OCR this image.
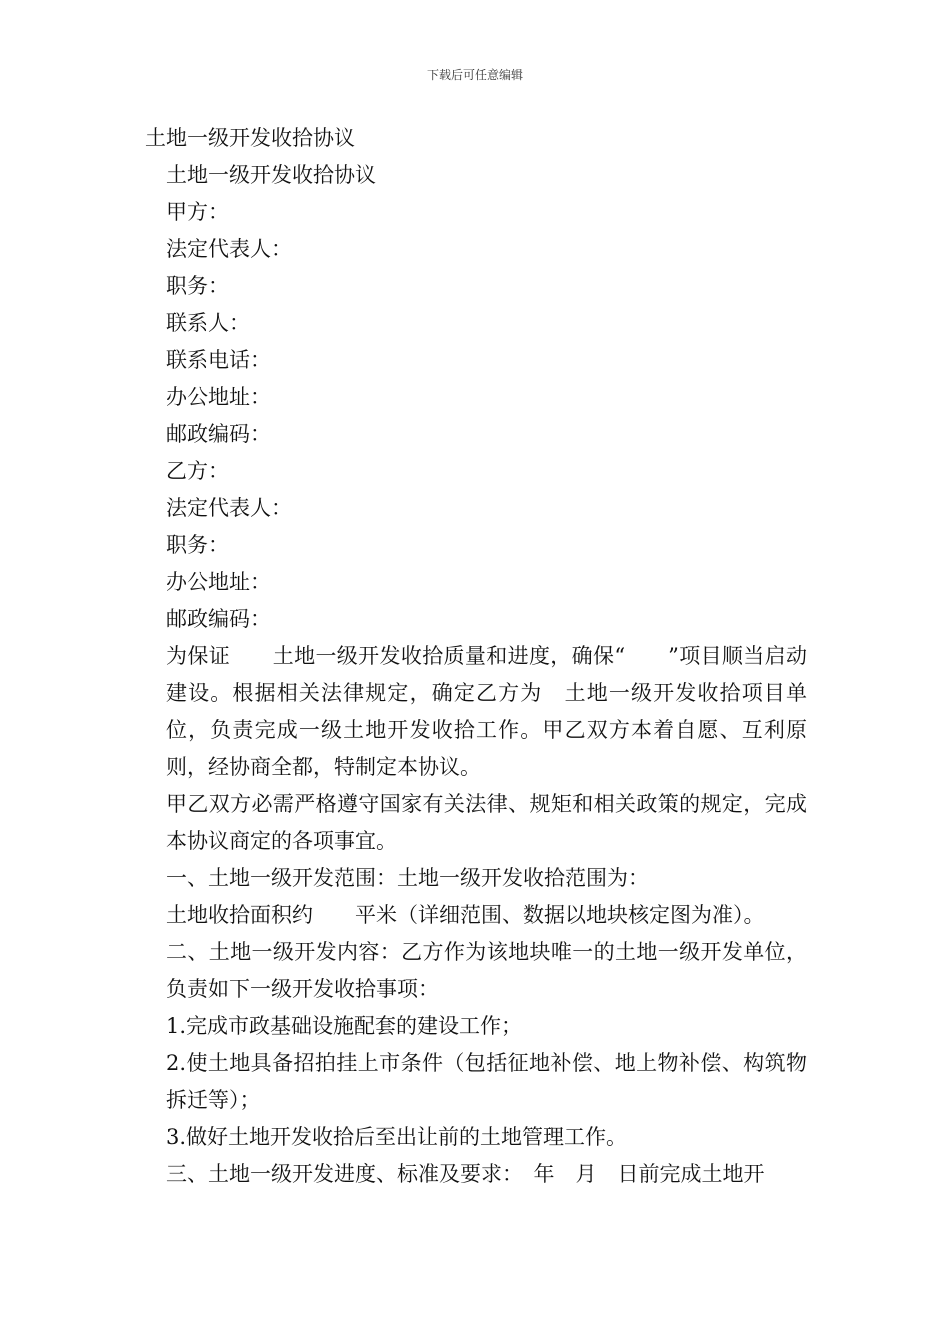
下载后可任意编辑

土地一级开发收拾协议

土地一级开发收拾协议

甲方：

法定代表人：

职务：

联系人：

联系电话：

办公地址：

邮政编码：

乙方：

法定代表人：

职务：

办公地址：

邮政编码：

为保证　　土地一级开发收拾质量和进度，确保“　　”项目顺当启动建设。根据相关法律规定，确定乙方为　土地一级开发收拾项目单位，负责完成一级土地开发收拾工作。甲乙双方本着自愿、互利原则，经协商全都，特制定本协议。

甲乙双方必需严格遵守国家有关法律、规矩和相关政策的规定，完成本协议商定的各项事宜。

一、土地一级开发范围：土地一级开发收拾范围为：

土地收拾面积约　　平米（详细范围、数据以地块核定图为准）。

二、土地一级开发内容：乙方作为该地块唯一的土地一级开发单位，负责如下一级开发收拾事项：

1.完成市政基础设施配套的建设工作；

2.使土地具备招拍挂上市条件（包括征地补偿、地上物补偿、构筑物拆迁等）；

3.做好土地开发收拾后至出让前的土地管理工作。

三、土地一级开发进度、标准及要求：　年　月　日前完成土地开
